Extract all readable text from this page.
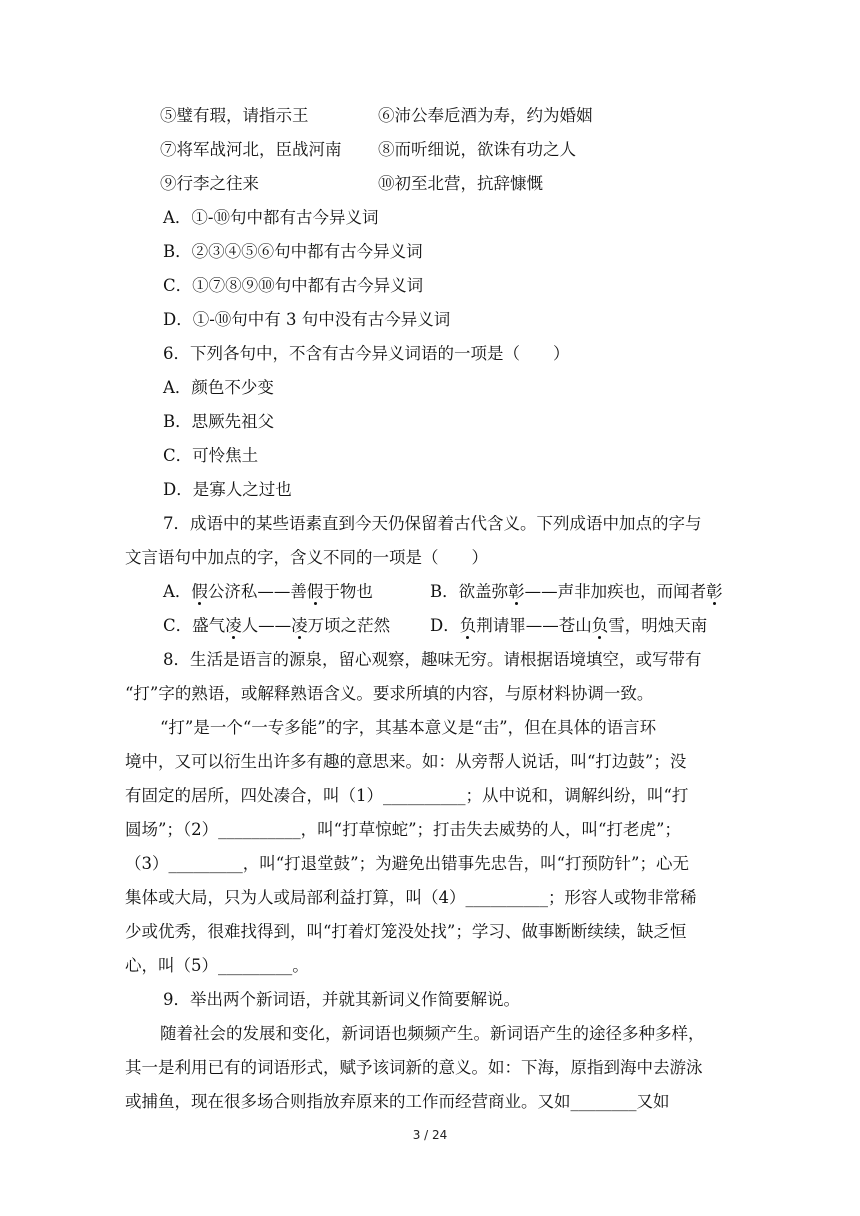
⑤璧有瑕，请指示王	⑥沛公奉卮酒为寿，约为婚姻
⑦将军战河北，臣战河南 ⑧而听细说，欲诛有功之人
⑨行李之往来	⑩初至北营，抗辞慷慨
A．①-⑩句中都有古今异义词
B．②③④⑤⑥句中都有古今异义词
C．①⑦⑧⑨⑩句中都有古今异义词
D．①-⑩句中有 3 句中没有古今异义词
6．下列各句中，不含有古今异义词语的一项是（　　）
A．颜色不少变
B．思厥先祖父
C．可怜焦土
D．是寡人之过也
7．成语中的某些语素直到今天仍保留着古代含义。下列成语中加点的字与
文言语句中加点的字，含义不同的一项是（　　）
A．假公济私——善假于物也	B．欲盖弥彰——声非加疾也，而闻者彰
C．盛气凌人——凌万顷之茫然 D．负荆请罪——苍山负雪，明烛天南
8．生活是语言的源泉，留心观察，趣味无穷。请根据语境填空，或写带有
“打”字的熟语，或解释熟语含义。要求所填的内容，与原材料协调一致。
“打”是一个“一专多能”的字，其基本意义是“击”，但在具体的语言环
境中，又可以衍生出许多有趣的意思来。如：从旁帮人说话，叫“打边鼓”；没
有固定的居所，四处凑合，叫（1）__________；从中说和，调解纠纷，叫“打
圆场”；（2）__________，叫“打草惊蛇”；打击失去威势的人，叫“打老虎”；
（3）_________，叫“打退堂鼓”；为避免出错事先忠告，叫“打预防针”；心无
集体或大局，只为人或局部利益打算，叫（4）__________；形容人或物非常稀
少或优秀，很难找得到，叫“打着灯笼没处找”；学习、做事断断续续，缺乏恒
心，叫（5）_________。
9．举出两个新词语，并就其新词义作简要解说。
随着社会的发展和变化，新词语也频频产生。新词语产生的途径多种多样，
其一是利用已有的词语形式，赋予该词新的意义。如：下海，原指到海中去游泳
或捕鱼，现在很多场合则指放弃原来的工作而经营商业。又如________又如
3 / 24
